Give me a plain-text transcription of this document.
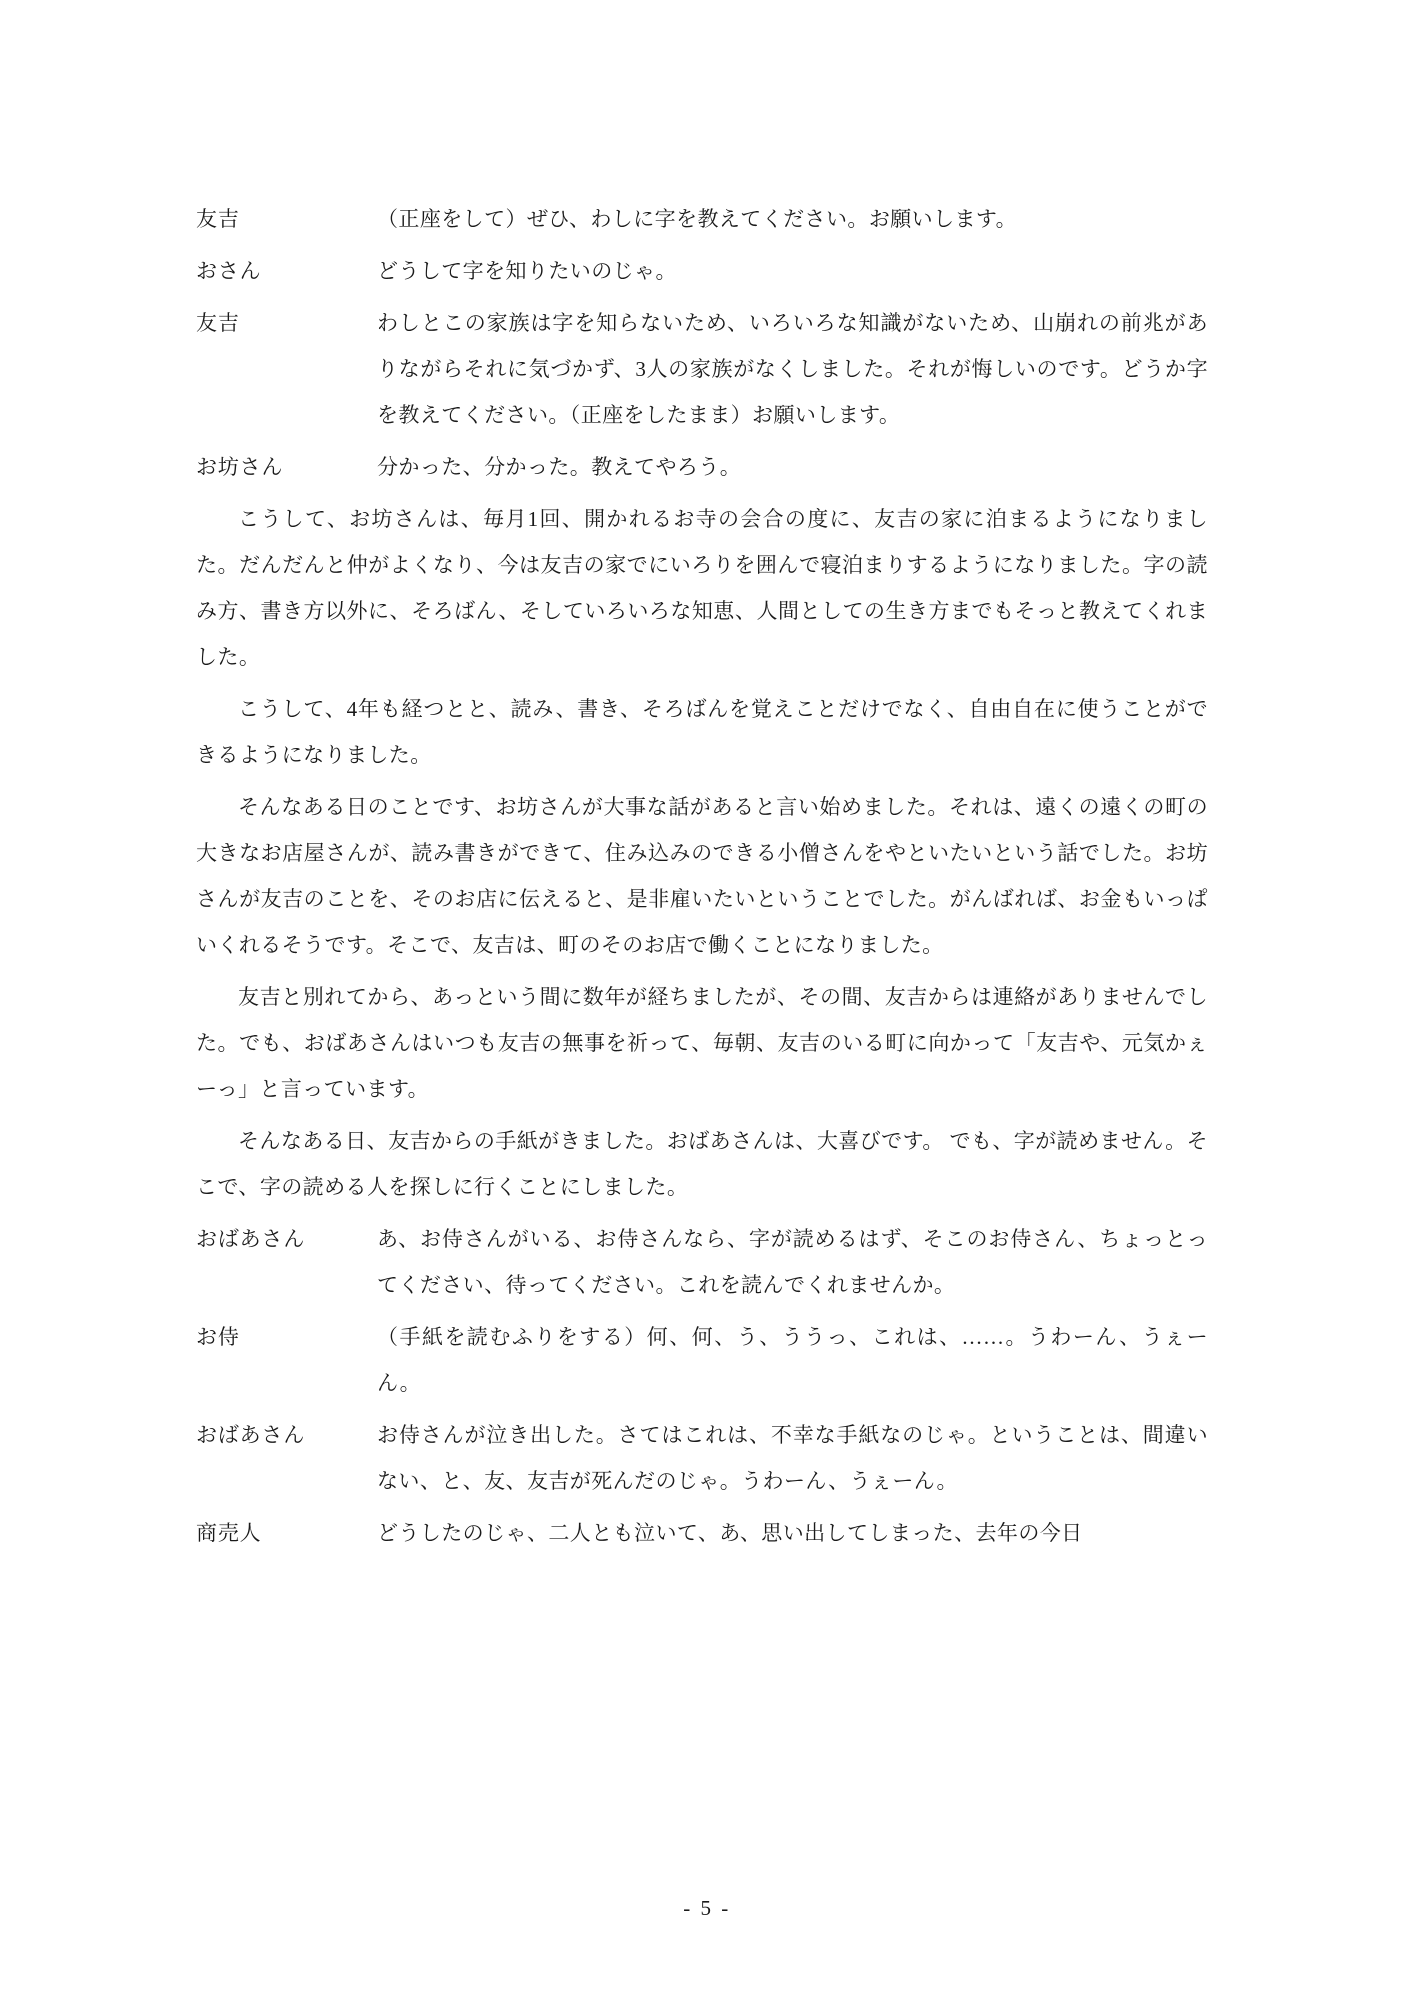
友吉	（正座をして）ぜひ、わしに字を教えてください。お願いします。
おさん	どうして字を知りたいのじゃ。
友吉	わしとこの家族は字を知らないため、いろいろな知識がないため、山崩れの前兆がありながらそれに気づかず、3人の家族がなくしました。それが悔しいのです。どうか字を教えてください。（正座をしたまま）お願いします。
お坊さん	分かった、分かった。教えてやろう。

こうして、お坊さんは、毎月1回、開かれるお寺の会合の度に、友吉の家に泊まるようになりました。だんだんと仲がよくなり、今は友吉の家でにいろりを囲んで寝泊まりするようになりました。字の読み方、書き方以外に、そろばん、そしていろいろな知恵、人間としての生き方までもそっと教えてくれました。

こうして、4年も経つとと、読み、書き、そろばんを覚えことだけでなく、自由自在に使うことができるようになりました。

そんなある日のことです、お坊さんが大事な話があると言い始めました。それは、遠くの遠くの町の大きなお店屋さんが、読み書きができて、住み込みのできる小僧さんをやといたいという話でした。お坊さんが友吉のことを、そのお店に伝えると、是非雇いたいということでした。がんばれば、お金もいっぱいくれるそうです。そこで、友吉は、町のそのお店で働くことになりました。

友吉と別れてから、あっという間に数年が経ちましたが、その間、友吉からは連絡がありませんでした。でも、おばあさんはいつも友吉の無事を祈って、毎朝、友吉のいる町に向かって「友吉や、元気かぇーっ」と言っています。

そんなある日、友吉からの手紙がきました。おばあさんは、大喜びです。 でも、字が読めません。そこで、字の読める人を探しに行くことにしました。

おばあさん	あ、お侍さんがいる、お侍さんなら、字が読めるはず、そこのお侍さん、ちょっとってください、待ってください。これを読んでくれませんか。
お侍	（手紙を読むふりをする）何、何、う、ううっ、これは、……。うわーん、うぇーん。
おばあさん	お侍さんが泣き出した。さてはこれは、不幸な手紙なのじゃ。ということは、間違いない、と、友、友吉が死んだのじゃ。うわーん、うぇーん。
商売人	どうしたのじゃ、二人とも泣いて、あ、思い出してしまった、去年の今日
- 5 -
